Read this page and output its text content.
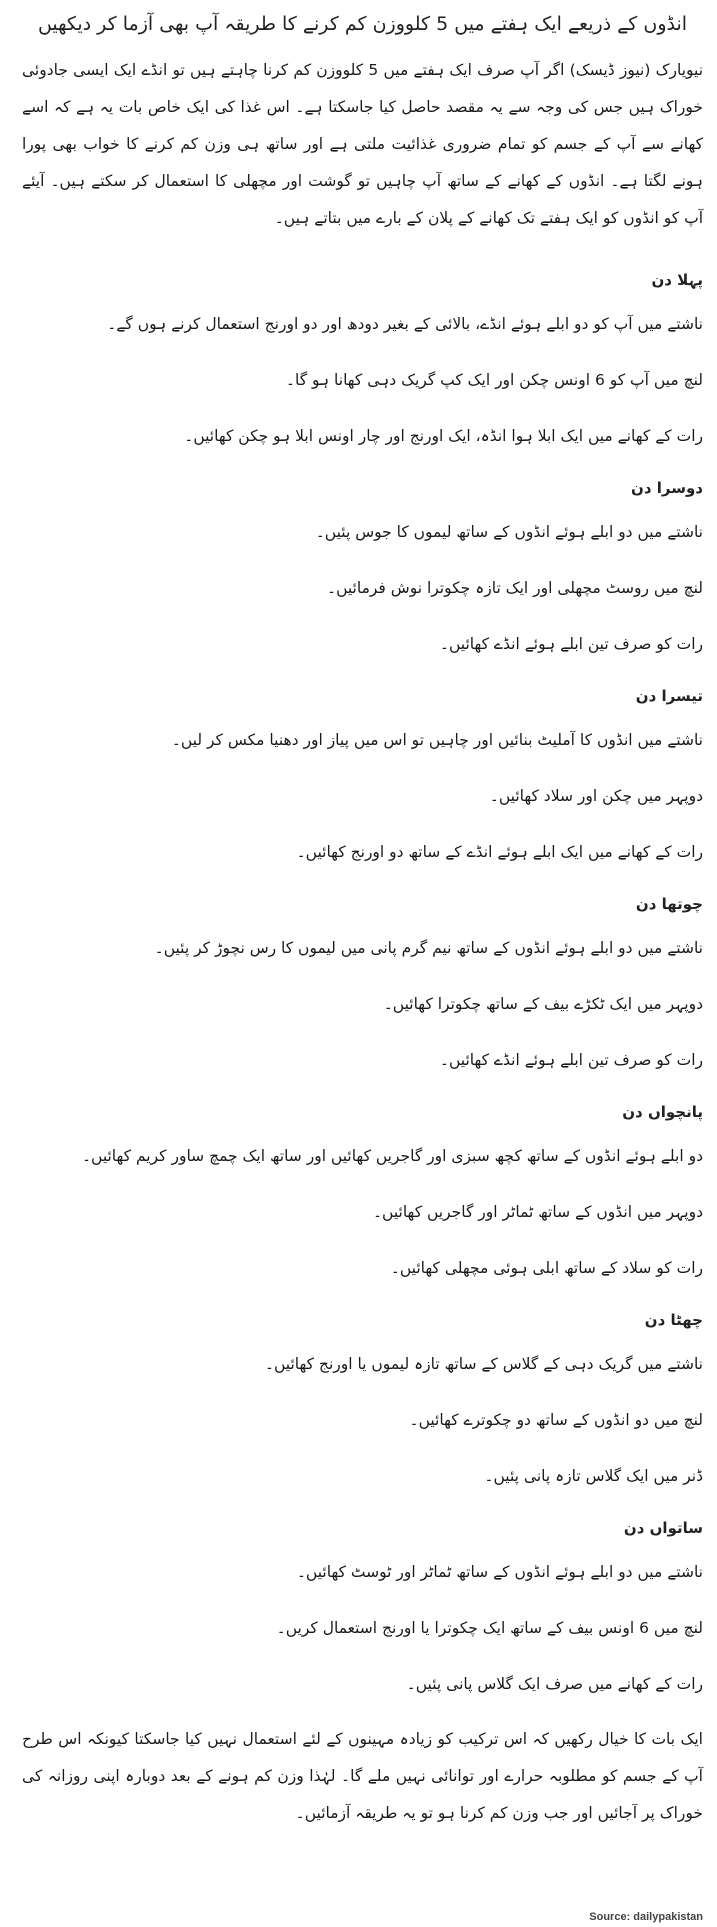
انڈوں کے ذریعے ایک ہفتے میں 5 کلووزن کم کرنے کا طریقہ آپ بھی آزما کر دیکھیں

نیویارک (نیوز ڈیسک) اگر آپ صرف ایک ہفتے میں 5 کلووزن کم کرنا چاہتے ہیں تو انڈے ایک ایسی جادوئی خوراک ہیں جس کی وجہ سے یہ مقصد حاصل کیا جاسکتا ہے۔ اس غذا کی ایک خاص بات یہ ہے کہ اسے کھانے سے آپ کے جسم کو تمام ضروری غذائیت ملتی ہے اور ساتھ ہی وزن کم کرنے کا خواب بھی پورا ہونے لگتا ہے۔ انڈوں کے کھانے کے ساتھ آپ چاہیں تو گوشت اور مچھلی کا استعمال کر سکتے ہیں۔ آیئے آپ کو انڈوں کو ایک ہفتے تک کھانے کے پلان کے بارے میں بتاتے ہیں۔

پہلا دن

ناشتے میں آپ کو دو ابلے ہوئے انڈے، بالائی کے بغیر دودھ اور دو اورنج استعمال کرنے ہوں گے۔

لنچ میں آپ کو 6 اونس چکن اور ایک کپ گریک دہی کھانا ہو گا۔

رات کے کھانے میں ایک ابلا ہوا انڈہ، ایک اورنج اور چار اونس ابلا ہو چکن کھائیں۔

دوسرا دن

ناشتے میں دو ابلے ہوئے انڈوں کے ساتھ لیموں کا جوس پئیں۔

لنچ میں روسٹ مچھلی اور ایک تازہ چکوترا نوش فرمائیں۔

رات کو صرف تین ابلے ہوئے انڈے کھائیں۔

تیسرا دن

ناشتے میں انڈوں کا آملیٹ بنائیں اور چاہیں تو اس میں پیاز اور دھنیا مکس کر لیں۔

دوپہر میں چکن اور سلاد کھائیں۔

رات کے کھانے میں ایک ابلے ہوئے انڈے کے ساتھ دو اورنج کھائیں۔

چوتھا دن

ناشتے میں دو ابلے ہوئے انڈوں کے ساتھ نیم گرم پانی میں لیموں کا رس نچوڑ کر پئیں۔

دوپہر میں ایک ٹکڑے بیف کے ساتھ چکوترا کھائیں۔

رات کو صرف تین ابلے ہوئے انڈے کھائیں۔

پانچواں دن

دو ابلے ہوئے انڈوں کے ساتھ کچھ سبزی اور گاجریں کھائیں اور ساتھ ایک چمچ ساور کریم کھائیں۔

دوپہر میں انڈوں کے ساتھ ٹماٹر اور گاجریں کھائیں۔

رات کو سلاد کے ساتھ ابلی ہوئی مچھلی کھائیں۔

چھٹا دن

ناشتے میں گریک دہی کے گلاس کے ساتھ تازہ لیموں یا اورنج کھائیں۔

لنچ میں دو انڈوں کے ساتھ دو چکوترے کھائیں۔

ڈنر میں ایک گلاس تازہ پانی پئیں۔

ساتواں دن

ناشتے میں دو ابلے ہوئے انڈوں کے ساتھ ٹماٹر اور ٹوسٹ کھائیں۔

لنچ میں 6 اونس بیف کے ساتھ ایک چکوترا یا اورنج استعمال کریں۔

رات کے کھانے میں صرف ایک گلاس پانی پئیں۔

ایک بات کا خیال رکھیں کہ اس ترکیب کو زیادہ مہینوں کے لئے استعمال نہیں کیا جاسکتا کیونکہ اس طرح آپ کے جسم کو مطلوبہ حرارے اور توانائی نہیں ملے گا۔ لہٰذا وزن کم ہونے کے بعد دوبارہ اپنی روزانہ کی خوراک پر آجائیں اور جب وزن کم کرنا ہو تو یہ طریقہ آزمائیں۔

Source: dailypakistan
